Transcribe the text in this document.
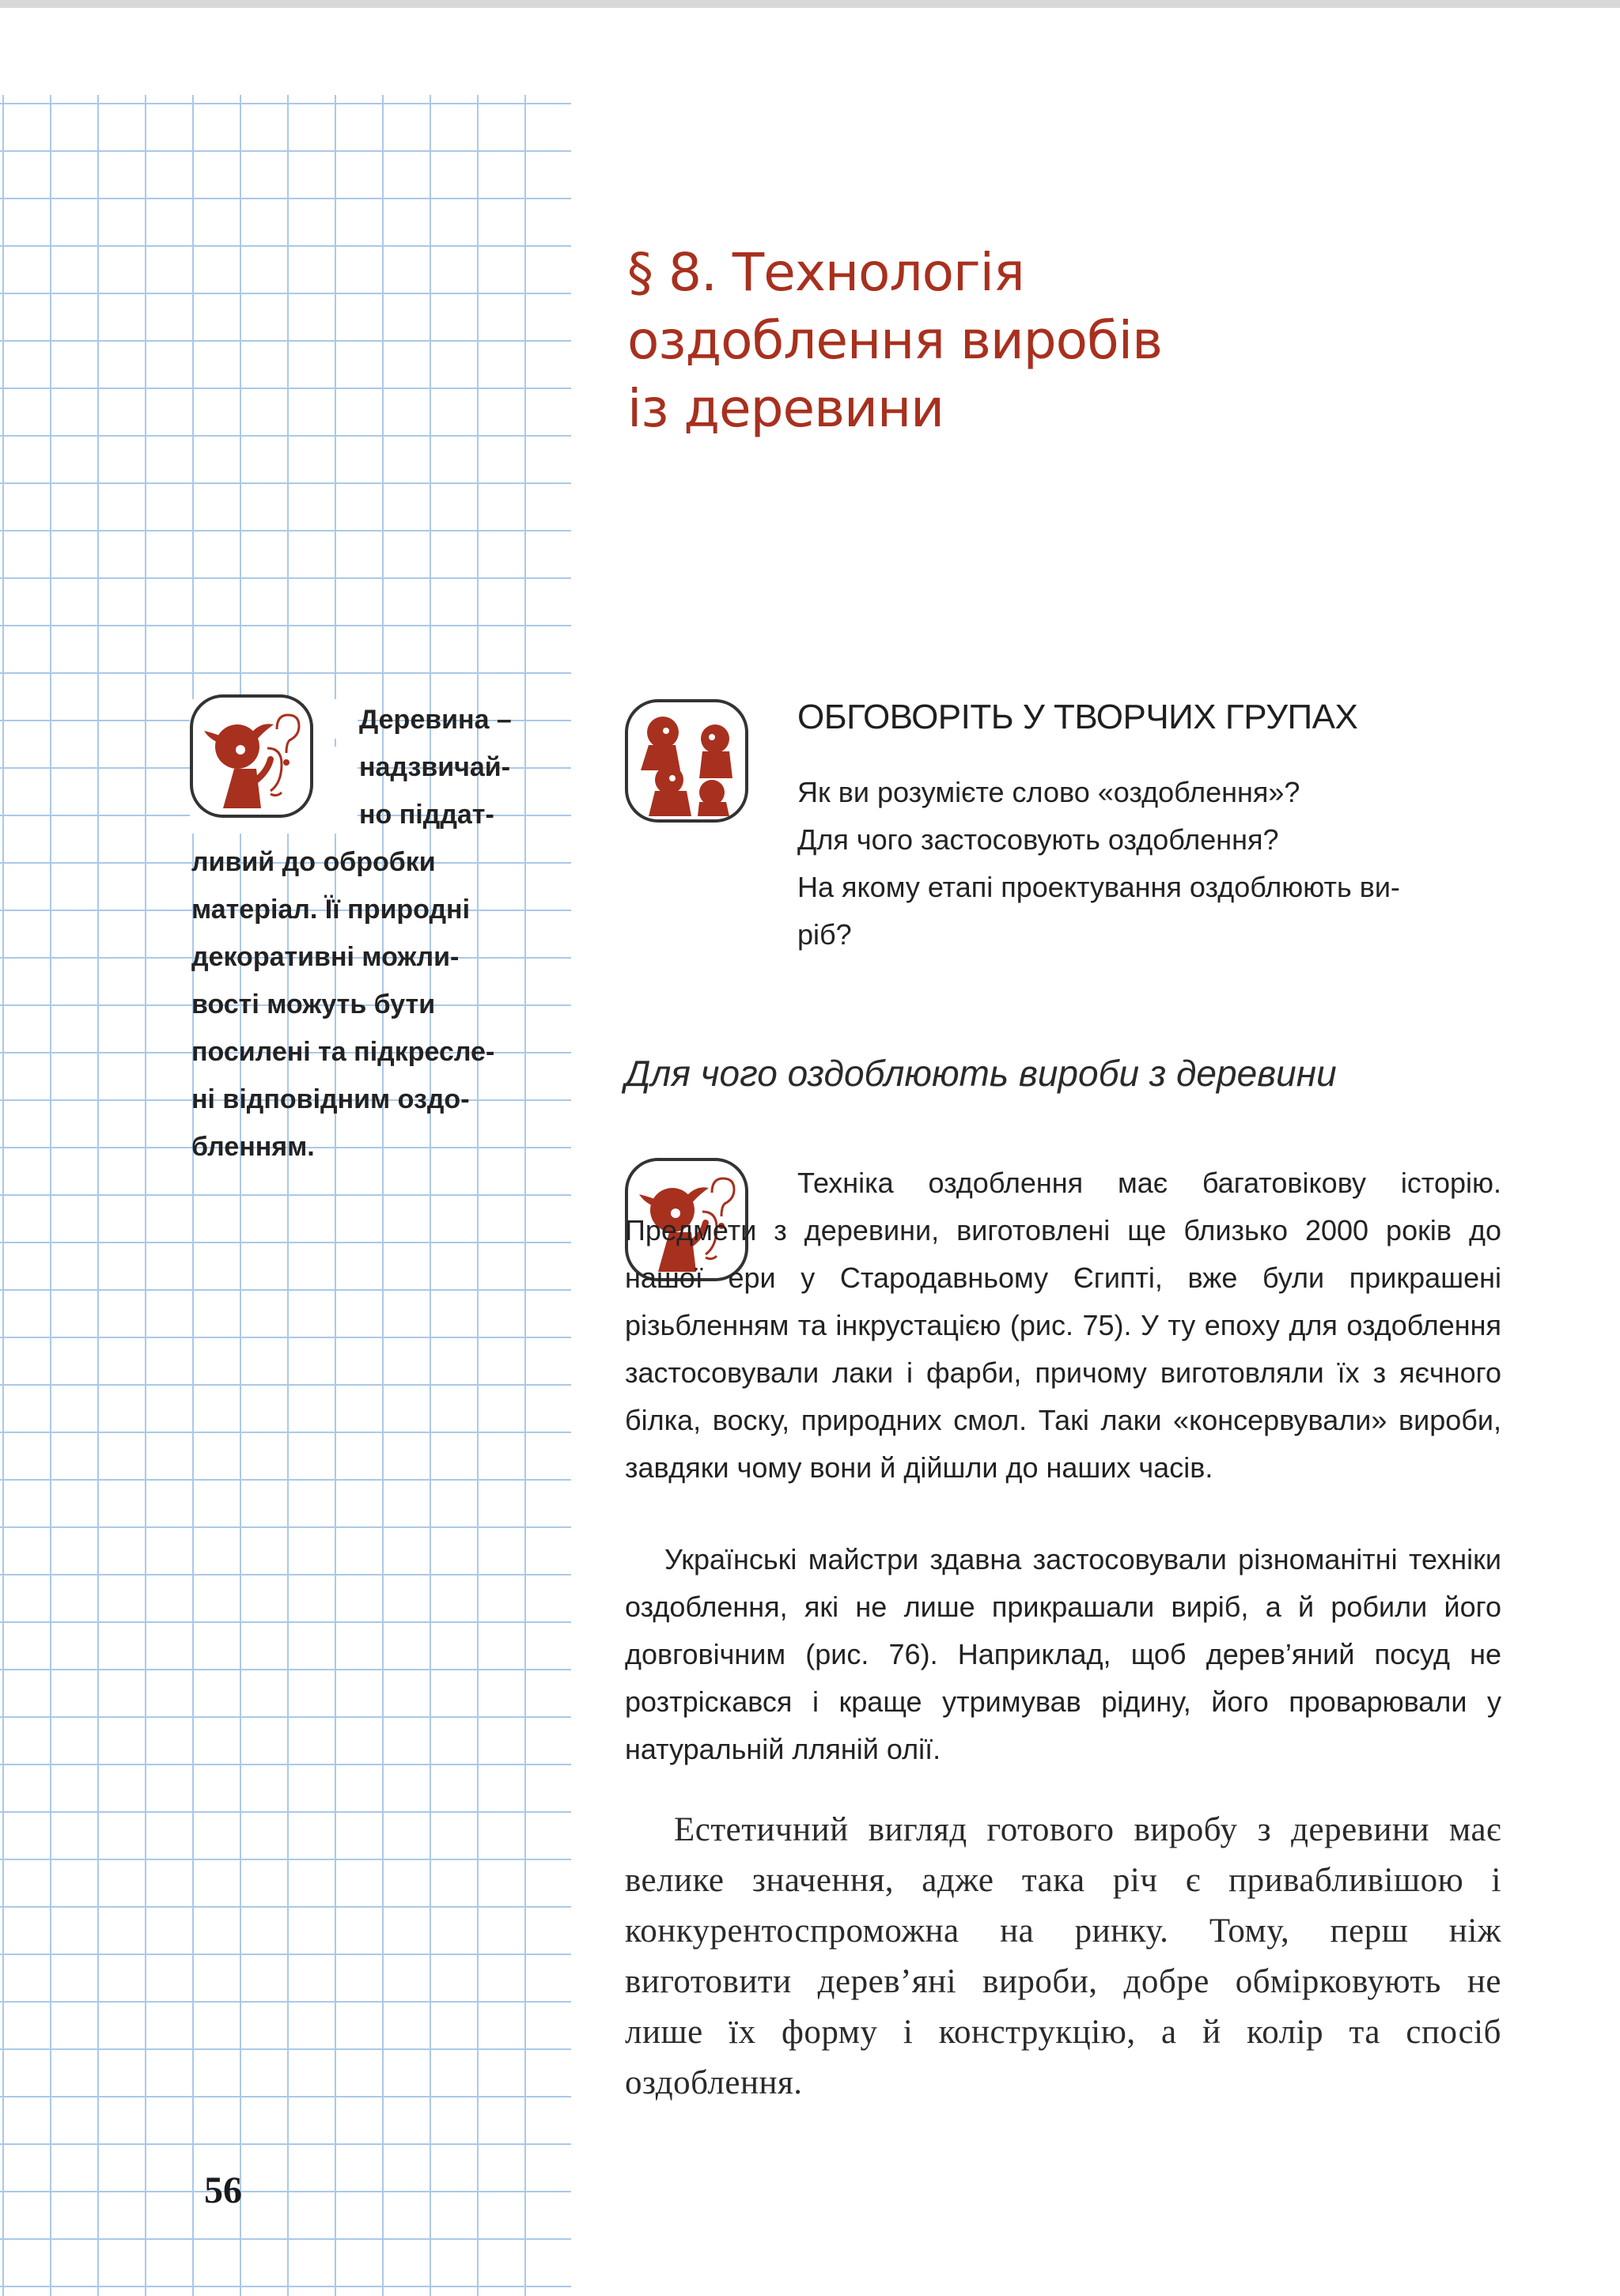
§ 8. Технологія
оздоблення виробів
із деревини
Деревина –
надзвичай-
но піддат-
ливий до обробки
матеріал. Її природні
декоративні можли-
вості можуть бути
посилені та підкресле-
ні відповідним оздо-
бленням.
ОБГОВОРІТЬ У ТВОРЧИХ ГРУПАХ
Як ви розумієте слово «оздоблення»?
Для чого застосовують оздоблення?
На якому етапі проектування оздоблюють ви-
ріб?
Для чого оздоблюють вироби з деревини

Техніка оздоблення має багатовікову історію. Предмети з деревини, виготовлені ще близько 2000 років до нашої ери у Стародавньому Єгипті, вже були прикрашені різьбленням та інкрустацією (рис. 75). У ту епоху для оздоблення застосовували лаки і фарби, причому виготовляли їх з яєчного білка, воску, природних смол. Такі лаки «консервували» вироби, завдяки чому вони й дійшли до наших часів.

Українські майстри здавна застосовували різноманітні техніки оздоблення, які не лише прикрашали виріб, а й робили його довговічним (рис. 76). Наприклад, щоб дерев’яний посуд не розтріскався і краще утримував рідину, його проварювали у натуральній лляній олії.

Естетичний вигляд готового виробу з деревини має велике значення, адже така річ є привабливішою і конкурентоспроможна на ринку. Тому, перш ніж виготовити дерев’яні вироби, добре обмірковують не лише їх форму і конструкцію, а й колір та спосіб оздоблення.

56
